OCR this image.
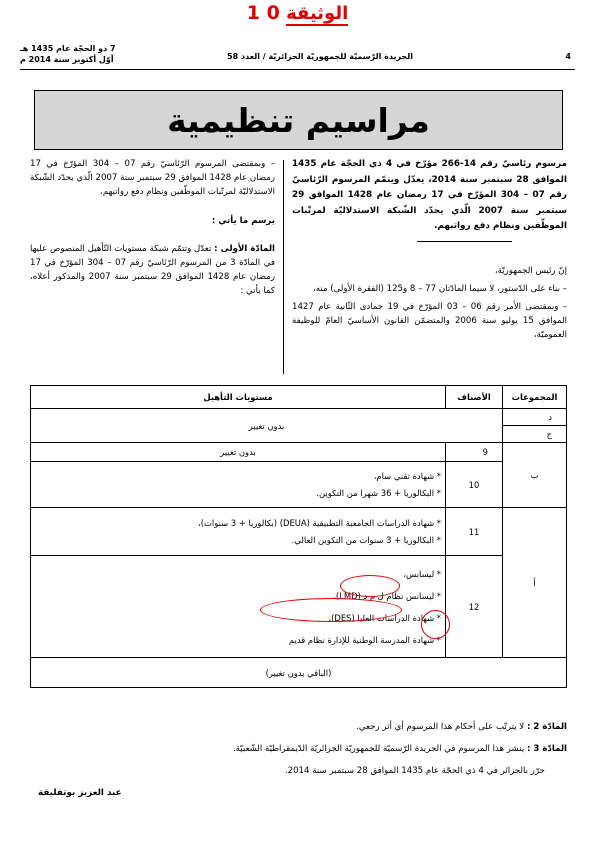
الوثيقة 0 1
4
الجريدة الرّسميّة للجمهوريّة الجزائريّة / العدد 58
7 ذو الحجّة عام 1435 هـ
أوّل أكتوبر سنة 2014 م
مراسيم تنظيمية
مرسوم رئاسيّ رقم 14-266 مؤرّخ في 4 ذي الحجّة عام 1435 الموافق 28 سبتمبر سنة 2014، يعدّل ويتمّم المرسوم الرّئاسيّ رقم 07 – 304 المؤرّخ في 17 رمضان عام 1428 الموافق 29 سبتمبر سنة 2007 الّذي يحدّد الشّبكة الاستدلاليّة لمرتّبات الموظّفين ونظام دفع رواتبهم.
إنّ رئيس الجمهوريّة،
– بناء على الدّستور، لا سيما المادّتان 77 – 8 و125 (الفقرة الأولى) منه،
– وبمقتضى الأمر رقم 06 – 03 المؤرّخ في 19 جمادى الثّانية عام 1427 الموافق 15 يوليو سنة 2006 والمتضمّن القانون الأساسيّ العامّ للوظيفة العموميّة،
– وبمقتضى المرسوم الرّئاسيّ رقم 07 – 304 المؤرّخ في 17 رمضان عام 1428 الموافق 29 سبتمبر سنة 2007 الّذي يحدّد الشّبكة الاستدلاليّة لمرتّبات الموظّفين ونظام دفع رواتبهم،
يرسم ما يأتي :
المادّة الأولى : تعدّل وتتمّم شبكة مستويات التّأهيل المنصوص عليها في المادّة 3 من المرسوم الرّئاسيّ رقم 07 – 304 المؤرّخ في 17 رمضان عام 1428 الموافق 29 سبتمبر سنة 2007 والمذكور أعلاه، كما يأتي :
المجموعات	الأصناف	مستويات التأهيل
د	بدون تغيير	
ج		
ب	9	بدون تغيير
	10	* شهادة تقني سام،
* البكالوريا + 36 شهرا من التكوين.

أ	11	* شهادة الدراسات الجامعية التطبيقية (DEUA) (بكالوريا + 3 سنوات)،
* البكالوريا + 3 سنوات من التكوين العالي.

	12	* ليسانس،
* ليسانس نظام ل م د (LMD)،
* شهادة الدراسات العليا (DES)،
* شهادة المدرسة الوطنية للإدارة نظام قديم

(الباقي بدون تغيير)		
المادّة 2 : لا يترتّب على أحكام هذا المرسوم أي أثر رجعي.
المادّة 3 : ينشر هذا المرسوم في الجريدة الرّسميّة للجمهوريّة الجزائريّة الدّيمقراطيّة الشّعبيّة.
حرّر بالجزائر في 4 ذي الحجّة عام 1435 الموافق 28 سبتمبر سنة 2014.
عبد العزيز بوتفليقة
